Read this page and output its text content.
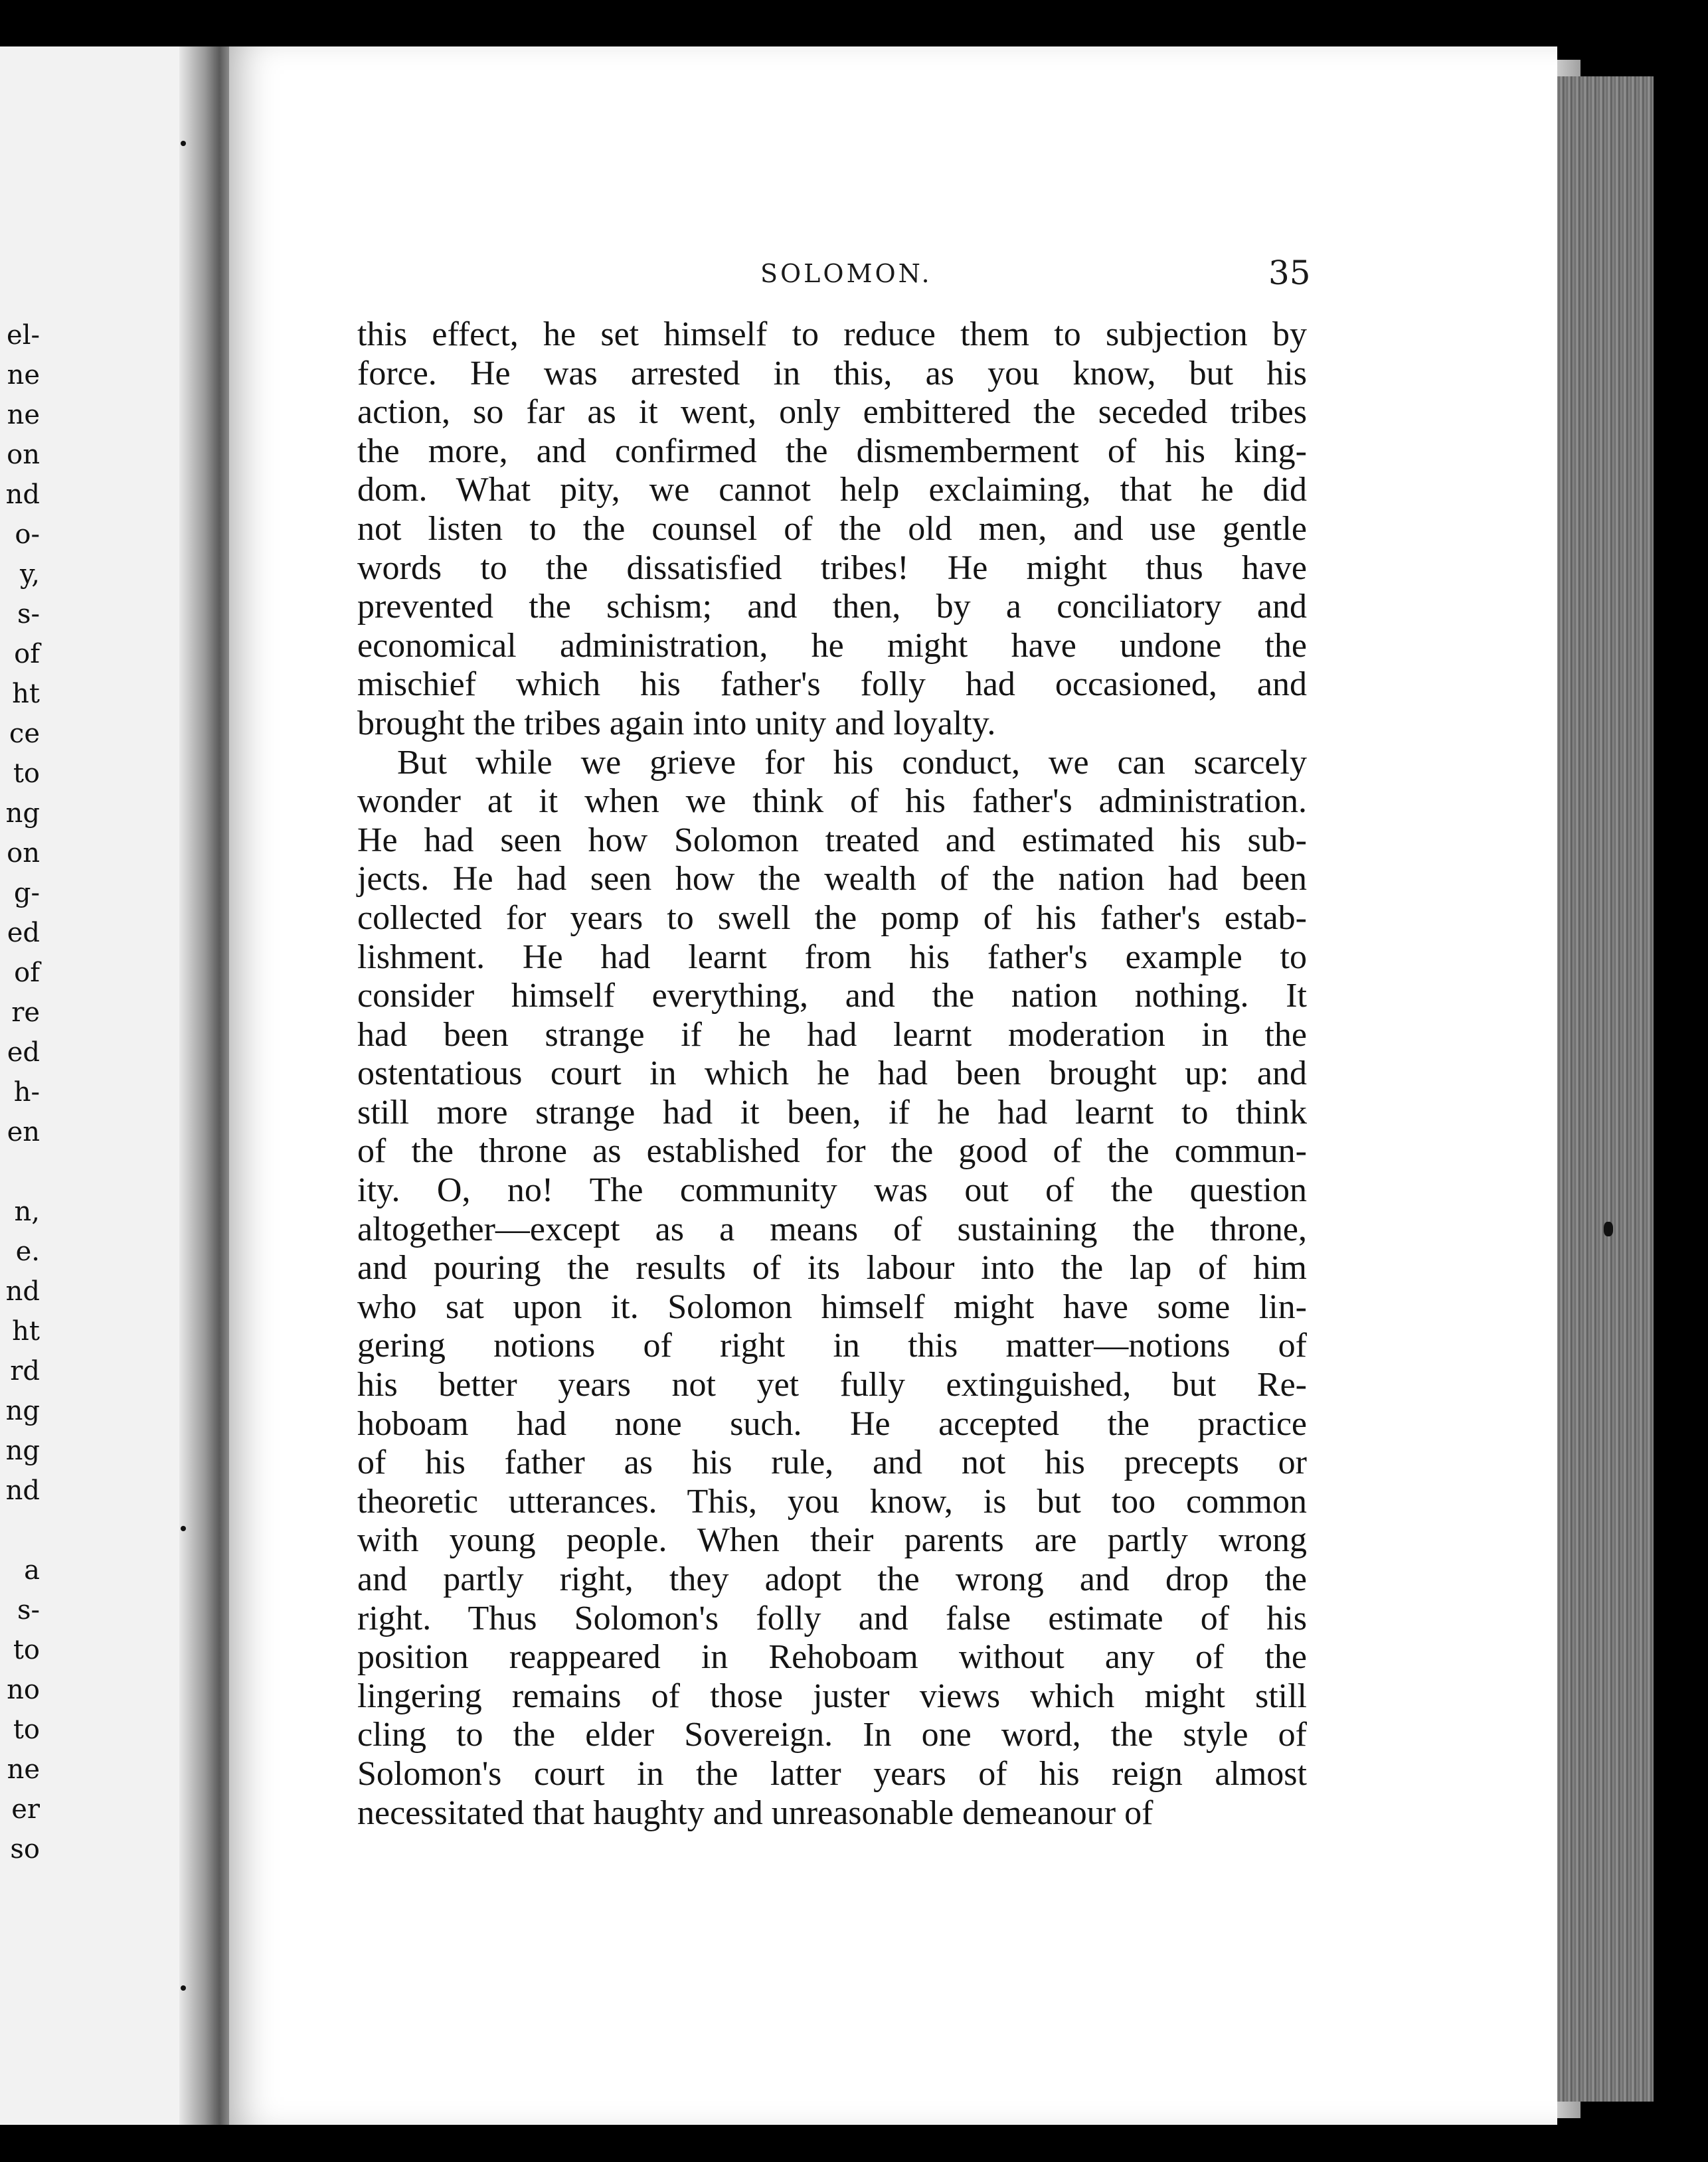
el-
ne
ne
on
nd
o-
y,
s-
of
ht
ce
to
ng
on
g-
ed
of
re
ed
h-
en
n,
e.
nd
ht
rd
ng
ng
nd
a
s-
to
no
to
ne
er
so
SOLOMON.	35
this effect, he set himself to reduce them to subjection by
force. He was arrested in this, as you know, but his
action, so far as it went, only embittered the seceded tribes
the more, and confirmed the dismemberment of his king-
dom. What pity, we cannot help exclaiming, that he did
not listen to the counsel of the old men, and use gentle
words to the dissatisfied tribes! He might thus have
prevented the schism; and then, by a conciliatory and
economical administration, he might have undone the
mischief which his father's folly had occasioned, and
brought the tribes again into unity and loyalty.
But while we grieve for his conduct, we can scarcely
wonder at it when we think of his father's administration.
He had seen how Solomon treated and estimated his sub-
jects. He had seen how the wealth of the nation had been
collected for years to swell the pomp of his father's estab-
lishment. He had learnt from his father's example to
consider himself everything, and the nation nothing. It
had been strange if he had learnt moderation in the
ostentatious court in which he had been brought up: and
still more strange had it been, if he had learnt to think
of the throne as established for the good of the commun-
ity. O, no! The community was out of the question
altogether—except as a means of sustaining the throne,
and pouring the results of its labour into the lap of him
who sat upon it. Solomon himself might have some lin-
gering notions of right in this matter—notions of
his better years not yet fully extinguished, but Re-
hoboam had none such. He accepted the practice
of his father as his rule, and not his precepts or
theoretic utterances. This, you know, is but too common
with young people. When their parents are partly wrong
and partly right, they adopt the wrong and drop the
right. Thus Solomon's folly and false estimate of his
position reappeared in Rehoboam without any of the
lingering remains of those juster views which might still
cling to the elder Sovereign. In one word, the style of
Solomon's court in the latter years of his reign almost
necessitated that haughty and unreasonable demeanour of
